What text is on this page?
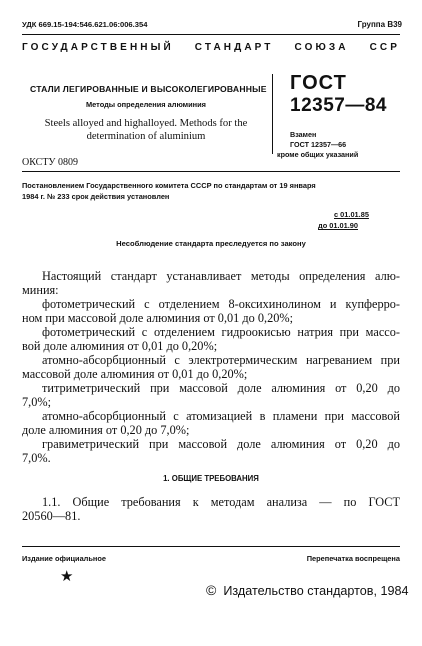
УДК 669.15-194:546.621.06:006.354	Группа В39
ГОСУДАРСТВЕННЫЙ СТАНДАРТ СОЮЗА ССР
СТАЛИ ЛЕГИРОВАННЫЕ И ВЫСОКОЛЕГИРОВАННЫЕ
Методы определения алюминия
Steels alloyed and highalloyed. Methods for the
determination of aluminium
ГОСТ
12357—84
Взамен
ГОСТ 12357—66
кроме общих указаний
ОКСТУ 0809
Постановлением Государственного комитета СССР по стандартам от 19 января
1984 г. № 233 срок действия установлен
с 01.01.85
до 01.01.90
Несоблюдение стандарта преследуется по закону
Настоящий стандарт устанавливает методы определения алю-
миния:
фотометрический с отделением 8-оксихинолином и купферро-
ном при массовой доле алюминия от 0,01 до 0,20%;
фотометрический с отделением гидроокисью натрия при массо-
вой доле алюминия от 0,01 до 0,20%;
атомно-абсорбционный с электротермическим нагреванием при
массовой доле алюминия от 0,01 до 0,20%;
титриметрический при массовой доле алюминия от 0,20 до
7,0%;
атомно-абсорбционный с атомизацией в пламени при массовой
доле алюминия от 0,20 до 7,0%;
гравиметрический при массовой доле алюминия от 0,20 до
7,0%.
1. ОБЩИЕ ТРЕБОВАНИЯ
1.1. Общие требования к методам анализа — по ГОСТ
20560—81.
Издание официальное	Перепечатка воспрещена
★
© Издательство стандартов, 1984
